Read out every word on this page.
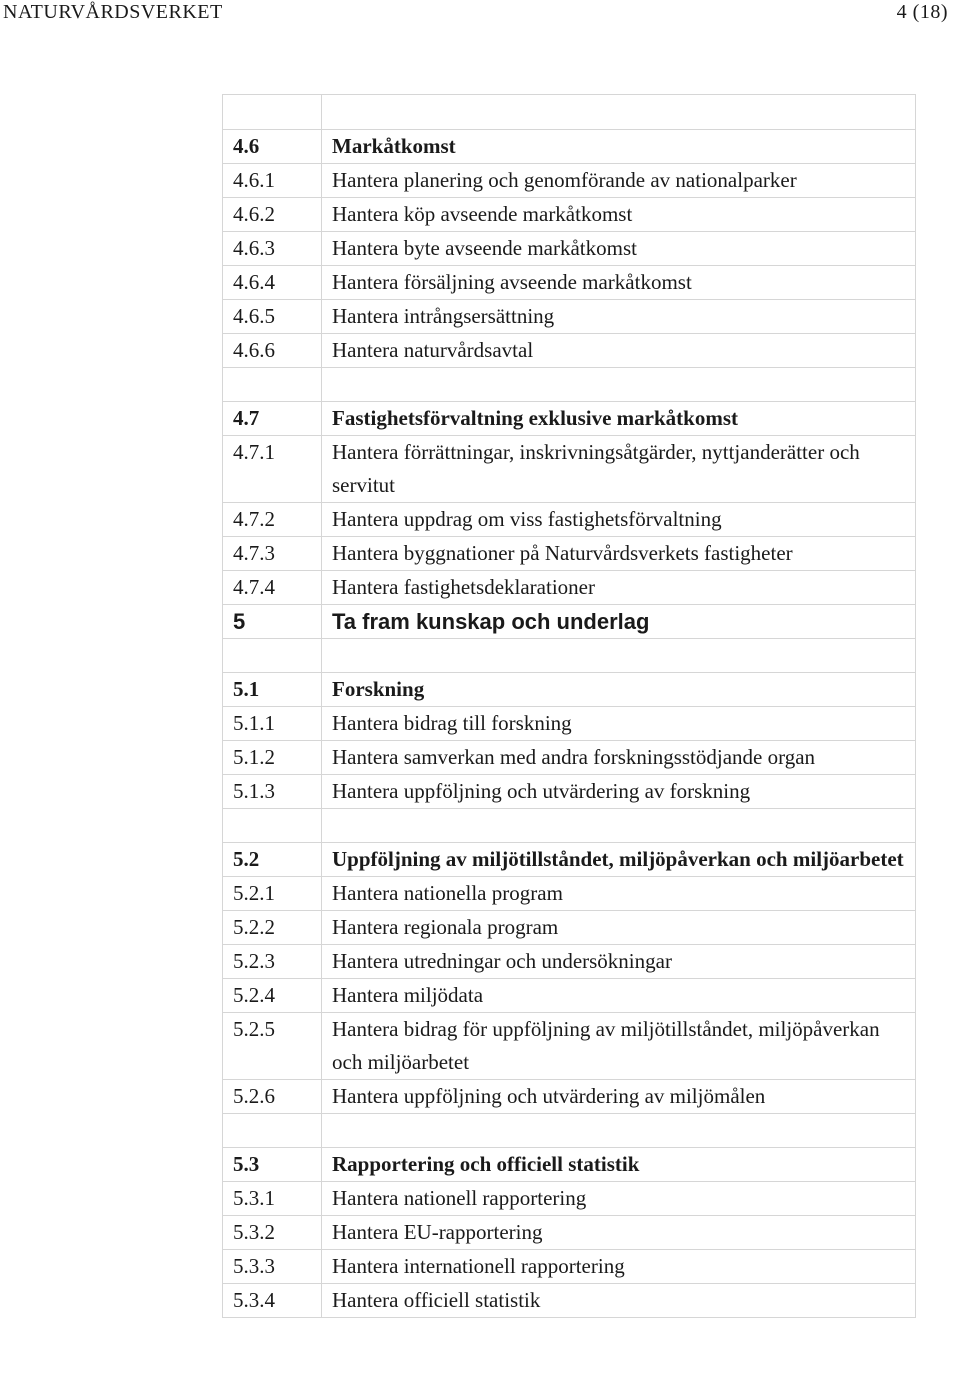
NATURVÅRDSVERKET	4 (18)

4.6	Markåtkomst
4.6.1	Hantera planering och genomförande av nationalparker
4.6.2	Hantera köp avseende markåtkomst
4.6.3	Hantera byte avseende markåtkomst
4.6.4	Hantera försäljning avseende markåtkomst
4.6.5	Hantera intrångsersättning
4.6.6	Hantera naturvårdsavtal

4.7	Fastighetsförvaltning exklusive markåtkomst
4.7.1	Hantera förrättningar, inskrivningsåtgärder, nyttjanderätter och servitut
4.7.2	Hantera uppdrag om viss fastighetsförvaltning
4.7.3	Hantera byggnationer på Naturvårdsverkets fastigheter
4.7.4	Hantera fastighetsdeklarationer
5	Ta fram kunskap och underlag

5.1	Forskning
5.1.1	Hantera bidrag till forskning
5.1.2	Hantera samverkan med andra forskningsstödjande organ
5.1.3	Hantera uppföljning och utvärdering av forskning

5.2	Uppföljning av miljötillståndet, miljöpåverkan och miljöarbetet
5.2.1	Hantera nationella program
5.2.2	Hantera regionala program
5.2.3	Hantera utredningar och undersökningar
5.2.4	Hantera miljödata
5.2.5	Hantera bidrag för uppföljning av miljötillståndet, miljöpåverkan och miljöarbetet
5.2.6	Hantera uppföljning och utvärdering av miljömålen

5.3	Rapportering och officiell statistik
5.3.1	Hantera nationell rapportering
5.3.2	Hantera EU-rapportering
5.3.3	Hantera internationell rapportering
5.3.4	Hantera officiell statistik
